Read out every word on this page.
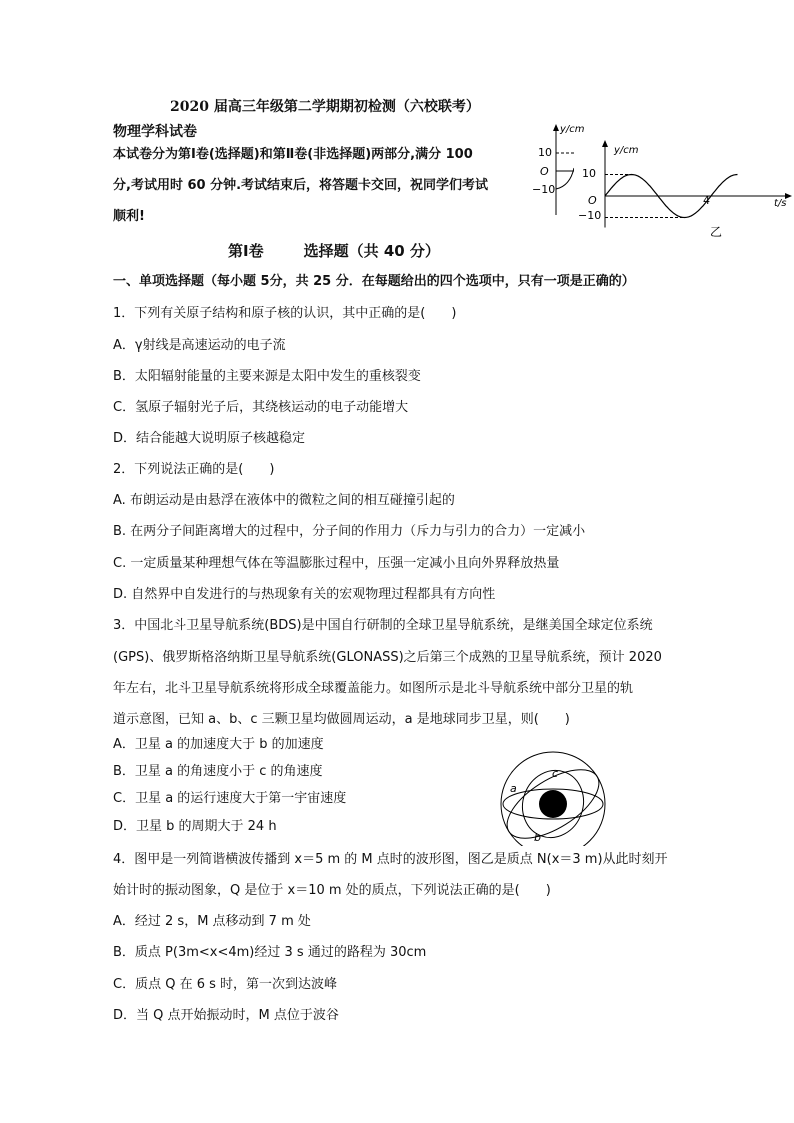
2020 届高三年级第二学期期初检测（六校联考）
物理学科试卷
本试卷分为第Ⅰ卷(选择题)和第Ⅱ卷(非选择题)两部分,满分 100
分,考试用时 60 分钟.考试结束后，将答题卡交回，祝同学们考试
顺利!
y/cm
10
O
−10
4	t/s
y/cm
10
O
−10
乙
第Ⅰ卷	选择题（共 40 分）
一、单项选择题（每小题 5分，共 25 分．在每题给出的四个选项中，只有一项是正确的）
1．下列有关原子结构和原子核的认识，其中正确的是(　　)
A．γ射线是高速运动的电子流
B．太阳辐射能量的主要来源是太阳中发生的重核裂变
C．氢原子辐射光子后，其绕核运动的电子动能增大
D．结合能越大说明原子核越稳定
2．下列说法正确的是(　　)
A. 布朗运动是由悬浮在液体中的微粒之间的相互碰撞引起的
B. 在两分子间距离增大的过程中，分子间的作用力（斥力与引力的合力）一定减小
C. 一定质量某种理想气体在等温膨胀过程中，压强一定减小且向外界释放热量
D. 自然界中自发进行的与热现象有关的宏观物理过程都具有方向性
3．中国北斗卫星导航系统(BDS)是中国自行研制的全球卫星导航系统，是继美国全球定位系统
(GPS)、俄罗斯格洛纳斯卫星导航系统(GLONASS)之后第三个成熟的卫星导航系统，预计 2020
年左右，北斗卫星导航系统将形成全球覆盖能力。如图所示是北斗导航系统中部分卫星的轨
道示意图，已知 a、b、c 三颗卫星均做圆周运动，a 是地球同步卫星，则(　　)
A．卫星 a 的加速度大于 b 的加速度
B．卫星 a 的角速度小于 c 的角速度
C．卫星 a 的运行速度大于第一宇宙速度
D．卫星 b 的周期大于 24 h
a
b
c
4．图甲是一列简谐横波传播到 x＝5 m 的 M 点时的波形图，图乙是质点 N(x＝3 m)从此时刻开
始计时的振动图象，Q 是位于 x＝10 m 处的质点，下列说法正确的是(　　)
A．经过 2 s，M 点移动到 7 m 处
B．质点 P(3m<x<4m)经过 3 s 通过的路程为 30cm
C．质点 Q 在 6 s 时，第一次到达波峰
D．当 Q 点开始振动时，M 点位于波谷
